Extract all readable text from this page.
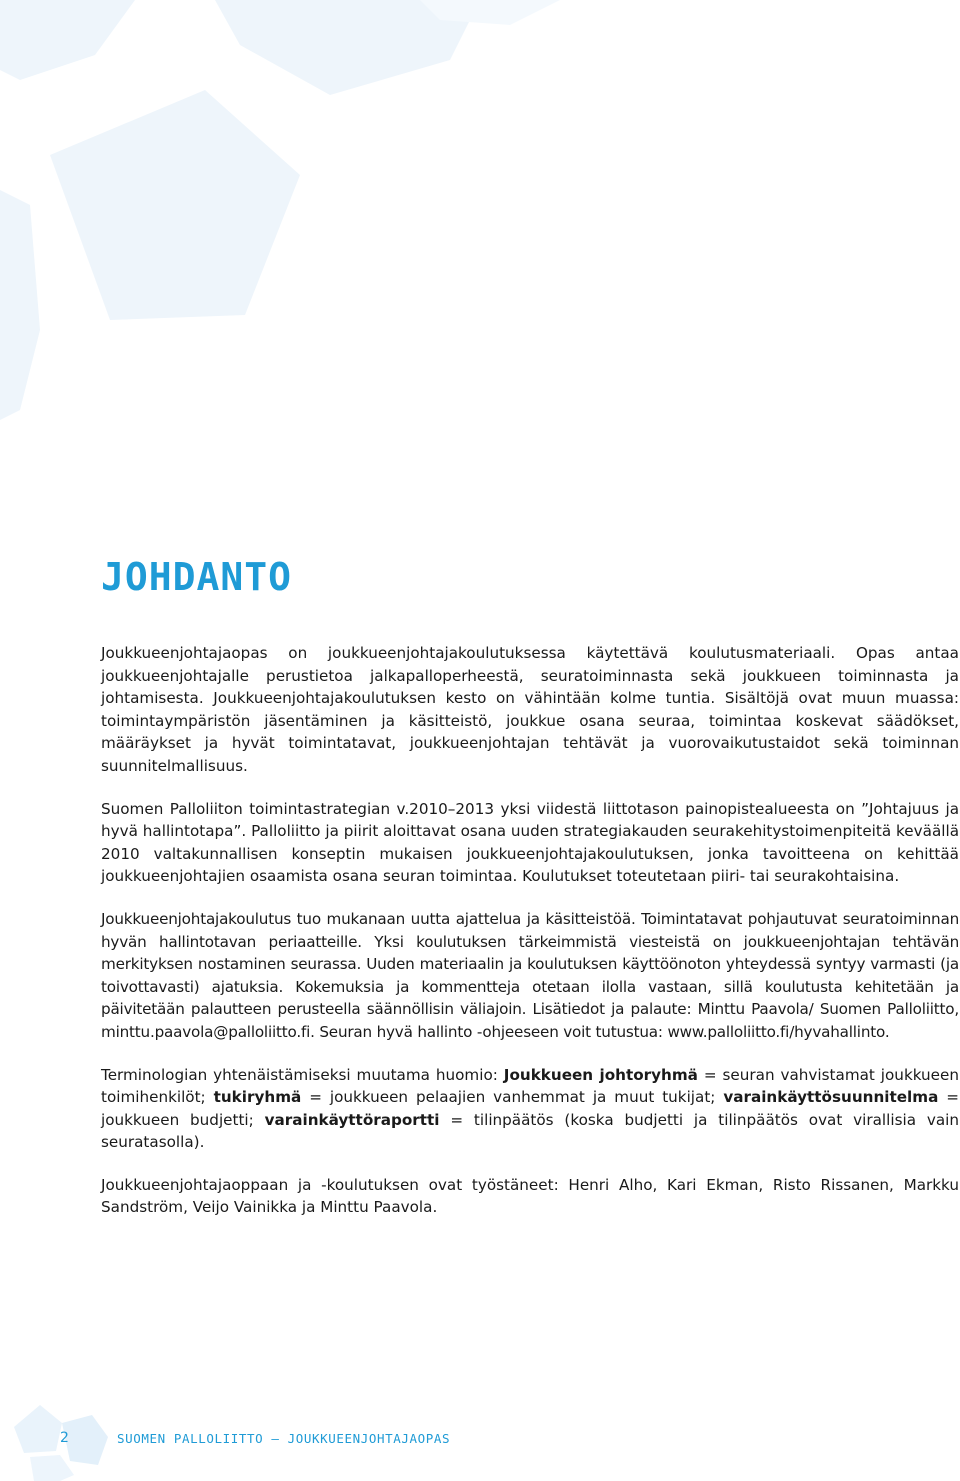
JOHDANTO

Joukkueenjohtajaopas on joukkueenjohtajakoulutuksessa käytettävä koulutusmateriaali. Opas antaa joukkueenjohtajalle perustietoa jalkapalloperheestä, seuratoiminnasta sekä joukkueen toiminnasta ja johtamisesta. Joukkueenjohtajakoulutuksen kesto on vähintään kolme tuntia. Sisältöjä ovat muun muassa: toimintaympäristön jäsentäminen ja käsitteistö, joukkue osana seuraa, toimintaa koskevat säädökset, määräykset ja hyvät toimintatavat, joukkueenjohtajan tehtävät ja vuorovaikutustaidot sekä toiminnan suunnitelmallisuus.

Suomen Palloliiton toimintastrategian v.2010–2013 yksi viidestä liittotason painopistealueesta on ”Johtajuus ja hyvä hallintotapa”. Palloliitto ja piirit aloittavat osana uuden strategiakauden seurakehitystoimenpiteitä keväällä 2010 valtakunnallisen konseptin mukaisen joukkueenjohtajakoulutuksen, jonka tavoitteena on kehittää joukkueenjohtajien osaamista osana seuran toimintaa. Koulutukset toteutetaan piiri- tai seurakohtaisina.

Joukkueenjohtajakoulutus tuo mukanaan uutta ajattelua ja käsitteistöä. Toimintatavat pohjautuvat seuratoiminnan hyvän hallintotavan periaatteille. Yksi koulutuksen tärkeimmistä viesteistä on joukkueenjohtajan tehtävän merkityksen nostaminen seurassa. Uuden materiaalin ja koulutuksen käyttöönoton yhteydessä syntyy varmasti (ja toivottavasti) ajatuksia. Kokemuksia ja kommentteja otetaan ilolla vastaan, sillä koulutusta kehitetään ja päivitetään palautteen perusteella säännöllisin väliajoin. Lisätiedot ja palaute: Minttu Paavola/ Suomen Palloliitto, minttu.paavola@palloliitto.fi. Seuran hyvä hallinto -ohjeeseen voit tutustua: www.palloliitto.fi/hyvahallinto.

Terminologian yhtenäistämiseksi muutama huomio: Joukkueen johtoryhmä = seuran vahvistamat joukkueen toimihenkilöt; tukiryhmä = joukkueen pelaajien vanhemmat ja muut tukijat; varainkäyttösuunnitelma = joukkueen budjetti; varainkäyttöraportti = tilinpäätös (koska budjetti ja tilinpäätös ovat virallisia vain seuratasolla).

Joukkueenjohtajaoppaan ja -koulutuksen ovat työstäneet: Henri Alho, Kari Ekman, Risto Rissanen, Markku Sandström, Veijo Vainikka ja Minttu Paavola.

2	SUOMEN PALLOLIITTO — JOUKKUEENJOHTAJAOPAS
